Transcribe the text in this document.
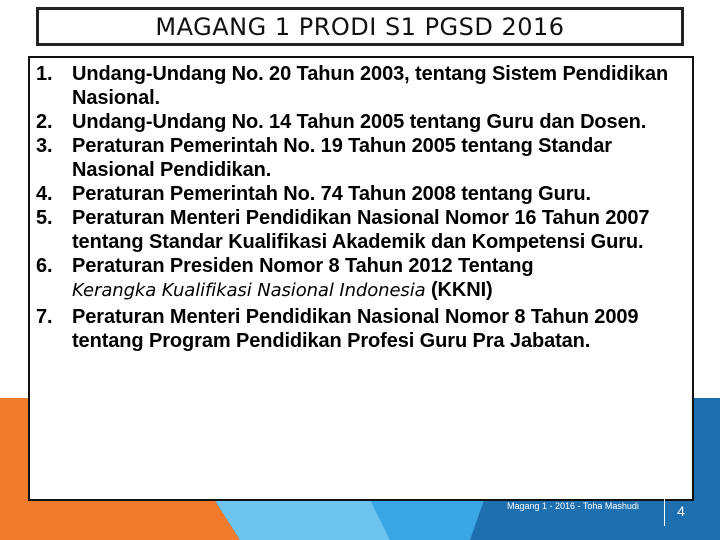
MAGANG 1 PRODI S1 PGSD 2016
1. Undang-Undang No. 20 Tahun 2003, tentang Sistem Pendidikan Nasional.
2. Undang-Undang No. 14 Tahun 2005 tentang Guru dan Dosen.
3. Peraturan Pemerintah No. 19 Tahun 2005 tentang Standar Nasional Pendidikan.
4. Peraturan Pemerintah No. 74 Tahun 2008 tentang Guru.
5. Peraturan Menteri Pendidikan Nasional Nomor 16 Tahun 2007 tentang Standar Kualifikasi Akademik dan Kompetensi Guru.
6. Peraturan Presiden Nomor 8 Tahun 2012 Tentang
Kerangka Kualifikasi Nasional Indonesia (KKNI)
7. Peraturan Menteri Pendidikan Nasional Nomor 8 Tahun 2009 tentang Program Pendidikan Profesi Guru Pra Jabatan.
Magang 1 - 2016 - Toha Mashudi	4
